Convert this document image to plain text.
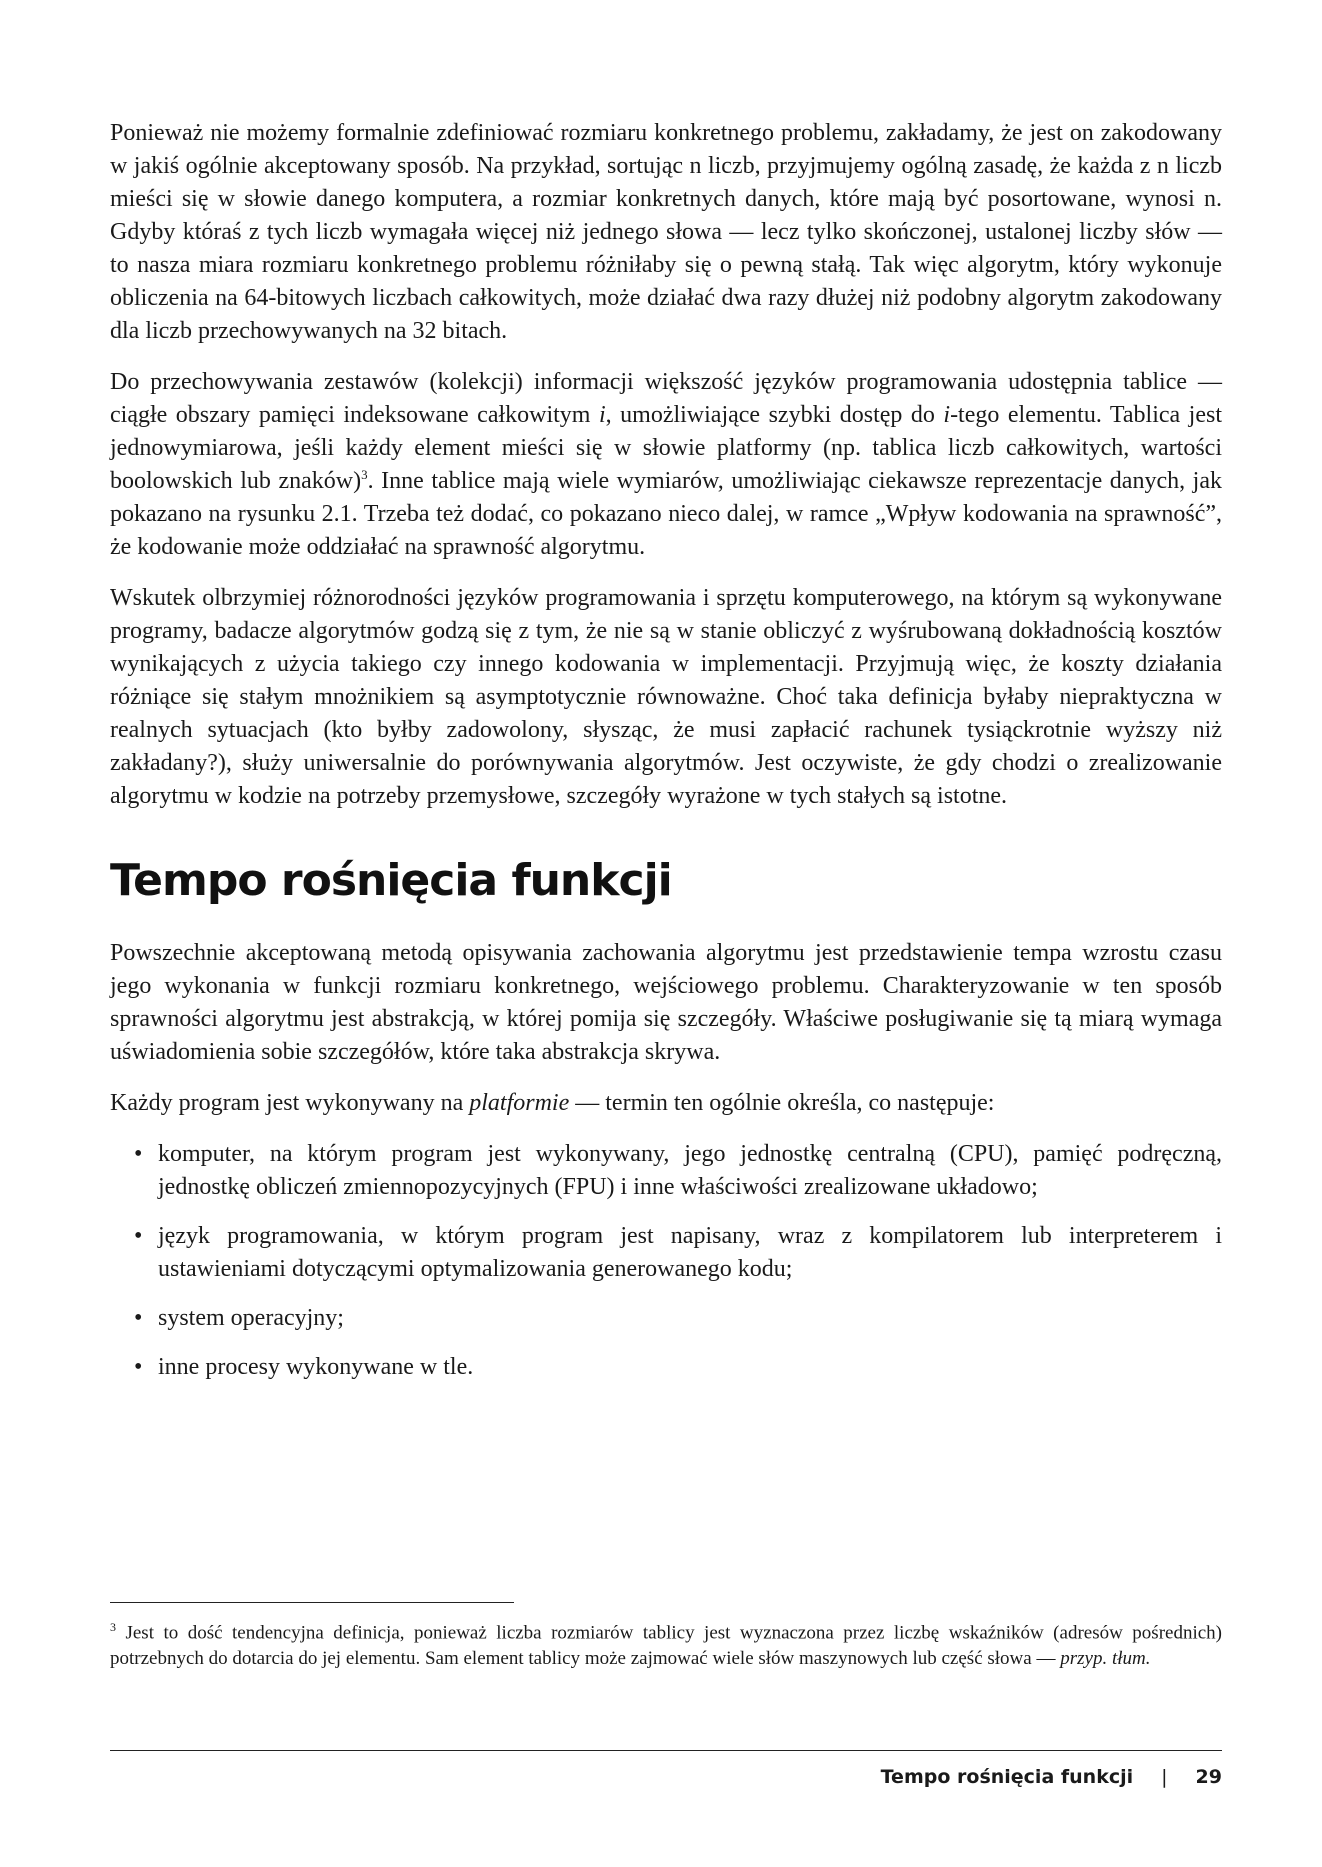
Ponieważ nie możemy formalnie zdefiniować rozmiaru konkretnego problemu, zakładamy, że jest on zakodowany w jakiś ogólnie akceptowany sposób. Na przykład, sortując n liczb, przyjmujemy ogólną zasadę, że każda z n liczb mieści się w słowie danego komputera, a rozmiar konkretnych danych, które mają być posortowane, wynosi n. Gdyby któraś z tych liczb wymagała więcej niż jednego słowa — lecz tylko skończonej, ustalonej liczby słów — to nasza miara rozmiaru konkretnego problemu różniłaby się o pewną stałą. Tak więc algorytm, który wykonuje obliczenia na 64-bitowych liczbach całkowitych, może działać dwa razy dłużej niż podobny algorytm zakodowany dla liczb przechowywanych na 32 bitach.

Do przechowywania zestawów (kolekcji) informacji większość języków programowania udostępnia tablice — ciągłe obszary pamięci indeksowane całkowitym i, umożliwiające szybki dostęp do i-tego elementu. Tablica jest jednowymiarowa, jeśli każdy element mieści się w słowie platformy (np. tablica liczb całkowitych, wartości boolowskich lub znaków)$^3$. Inne tablice mają wiele wymiarów, umożliwiając ciekawsze reprezentacje danych, jak pokazano na rysunku 2.1. Trzeba też dodać, co pokazano nieco dalej, w ramce „Wpływ kodowania na sprawność”, że kodowanie może oddziałać na sprawność algorytmu.

Wskutek olbrzymiej różnorodności języków programowania i sprzętu komputerowego, na którym są wykonywane programy, badacze algorytmów godzą się z tym, że nie są w stanie obliczyć z wyśrubowaną dokładnością kosztów wynikających z użycia takiego czy innego kodowania w implementacji. Przyjmują więc, że koszty działania różniące się stałym mnożnikiem są asymptotycznie równoważne. Choć taka definicja byłaby niepraktyczna w realnych sytuacjach (kto byłby zadowolony, słysząc, że musi zapłacić rachunek tysiąckrotnie wyższy niż zakładany?), służy uniwersalnie do porównywania algorytmów. Jest oczywiste, że gdy chodzi o zrealizowanie algorytmu w kodzie na potrzeby przemysłowe, szczegóły wyrażone w tych stałych są istotne.

Tempo rośnięcia funkcji

Powszechnie akceptowaną metodą opisywania zachowania algorytmu jest przedstawienie tempa wzrostu czasu jego wykonania w funkcji rozmiaru konkretnego, wejściowego problemu. Charakteryzowanie w ten sposób sprawności algorytmu jest abstrakcją, w której pomija się szczegóły. Właściwe posługiwanie się tą miarą wymaga uświadomienia sobie szczegółów, które taka abstrakcja skrywa.

Każdy program jest wykonywany na platformie — termin ten ogólnie określa, co następuje:

• komputer, na którym program jest wykonywany, jego jednostkę centralną (CPU), pamięć podręczną, jednostkę obliczeń zmiennopozycyjnych (FPU) i inne właściwości zrealizowane układowo;
• język programowania, w którym program jest napisany, wraz z kompilatorem lub interpreterem i ustawieniami dotyczącymi optymalizowania generowanego kodu;
• system operacyjny;
• inne procesy wykonywane w tle.
$^3$ Jest to dość tendencyjna definicja, ponieważ liczba rozmiarów tablicy jest wyznaczona przez liczbę wskaźników (adresów pośrednich) potrzebnych do dotarcia do jej elementu. Sam element tablicy może zajmować wiele słów maszynowych lub część słowa — przyp. tłum.
Tempo rośnięcia funkcji | 29
